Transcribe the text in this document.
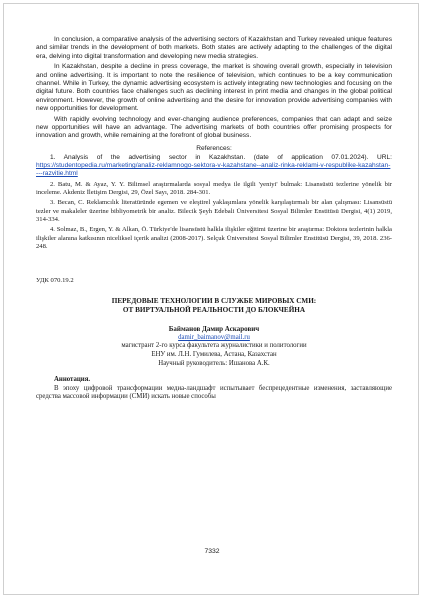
In conclusion, a comparative analysis of the advertising sectors of Kazakhstan and Turkey revealed unique features and similar trends in the development of both markets. Both states are actively adapting to the challenges of the digital era, delving into digital transformation and developing new media strategies.

In Kazakhstan, despite a decline in press coverage, the market is showing overall growth, especially in television and online advertising. It is important to note the resilience of television, which continues to be a key communication channel. While in Turkey, the dynamic advertising ecosystem is actively integrating new technologies and focusing on the digital future. Both countries face challenges such as declining interest in print media and changes in the global political environment. However, the growth of online advertising and the desire for innovation provide advertising companies with new opportunities for development.

With rapidly evolving technology and ever-changing audience preferences, companies that can adapt and seize new opportunities will have an advantage. The advertising markets of both countries offer promising prospects for innovation and growth, while remaining at the forefront of global business.

References:
1. Analysis of the advertising sector in Kazakhstan. (date of application 07.01.2024). URL: https://studentopedia.ru/marketing/analiz-reklamnogo-sektora-v-kazahstane--analiz-rinka-reklami-v-respublike-kazahstan----razvitie.html
2. Batu, M. & Ayaz, Y. Y. Bilimsel araştırmalarda sosyal medya ile ilgili 'yeniyi' bulmak: Lisansüstü tezlerine yönelik bir inceleme. Akdeniz İletişim Dergisi, 29, Özel Sayı, 2018. 284-301.
3. Becan, C. Reklamcılık literatüründe egemen ve eleştirel yaklaşımlara yönelik karşılaştırmalı bir alan çalışması: Lisansüstü tezler ve makaleler üzerine bibliyometrik bir analiz. Bilecik Şeyh Edebali Üniversitesi Sosyal Bilimler Enstitüsü Dergisi, 4(1) 2019, 314-334.
4. Solmaz, B., Ergen, Y. & Alkan, Ö. Türkiye'de lisansüstü halkla ilişkiler eğitimi üzerine bir araştırma: Doktora tezlerinin halkla ilişkiler alanına katkısının niceliksel içerik analizi (2008-2017). Selçuk Üniversitesi Sosyal Bilimler Enstitüsü Dergisi, 39, 2018. 236-248.
УДК 070.19.2
ПЕРЕДОВЫЕ ТЕХНОЛОГИИ В СЛУЖБЕ МИРОВЫХ СМИ:
ОТ ВИРТУАЛЬНОЙ РЕАЛЬНОСТИ ДО БЛОКЧЕЙНА
Байманов Дамир Аскарович
damir_baimanov@mail.ru
магистрант 2-го курса факультета журналистики и политологии
ЕНУ им. Л.Н. Гумилева, Астана, Казахстан
Научный руководитель: Ишанова А.К.
Аннотация.

В эпоху цифровой трансформации медиа-ландшафт испытывает беспрецедентные изменения, заставляющие средства массовой информации (СМИ) искать новые способы

7332
